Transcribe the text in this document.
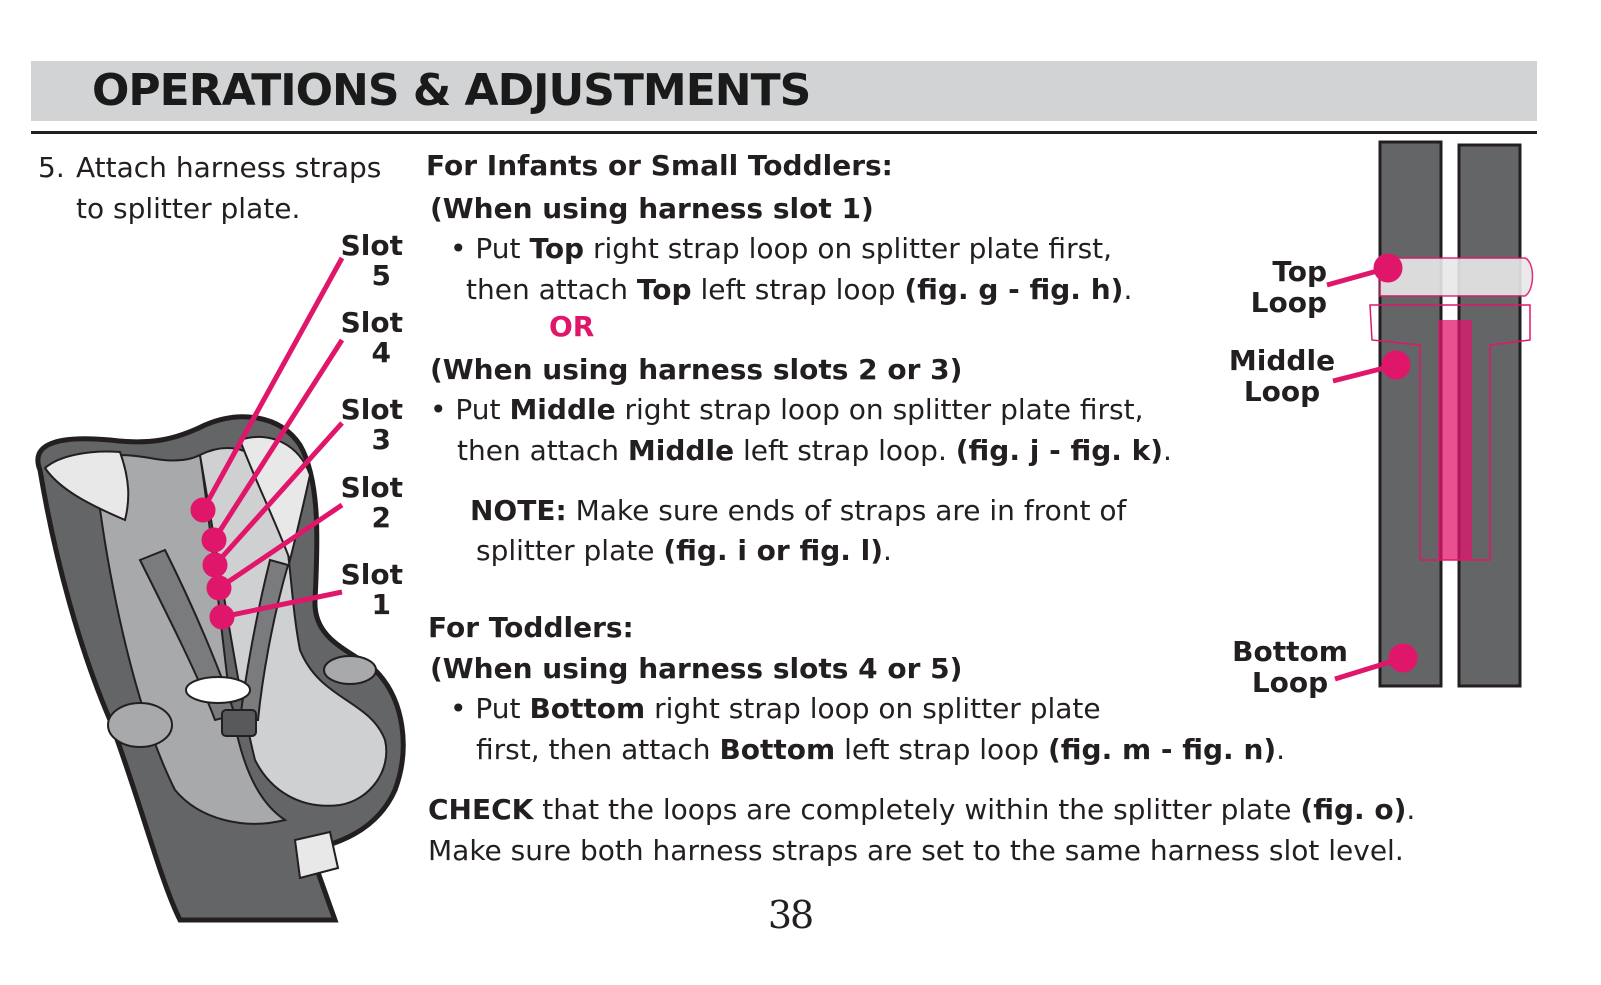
OPERATIONS & ADJUSTMENTS
5. Attach harness straps
to splitter plate.
Slot
5
Slot
4
Slot
3
Slot
2
Slot
1
For Infants or Small Toddlers:
(When using harness slot 1)
• Put Top right strap loop on splitter plate first,
then attach Top left strap loop (fig. g - fig. h).
OR
(When using harness slots 2 or 3)
• Put Middle right strap loop on splitter plate first,
then attach Middle left strap loop. (fig. j - fig. k).
NOTE: Make sure ends of straps are in front of
splitter plate (fig. i or fig. l).
For Toddlers:
(When using harness slots 4 or 5)
• Put Bottom right strap loop on splitter plate
first, then attach Bottom left strap loop (fig. m - fig. n).
CHECK that the loops are completely within the splitter plate (fig. o).
Make sure both harness straps are set to the same harness slot level.
Top
Loop
Middle
Loop
Bottom
Loop
38
